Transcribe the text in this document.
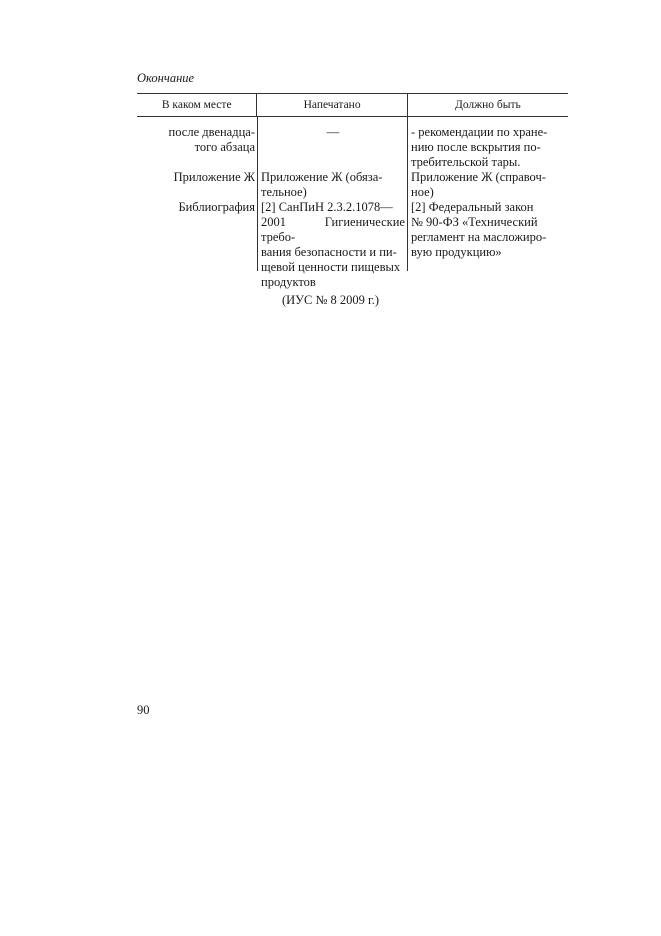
Окончание
В каком месте	Напечатано	Должно быть
после двенадца-
того абзаца
Приложение Ж
Библиография
—
Приложение Ж (обяза-
тельное)
[2] СанПиН 2.3.2.1078—
2001 Гигиенические требо-
вания безопасности и пи-
щевой ценности пищевых
продуктов
- рекомендации по хране-
нию после вскрытия по-
требительской тары.
Приложение Ж (справоч-
ное)
[2] Федеральный закон
№ 90-ФЗ «Технический
регламент на масложиро-
вую продукцию»
(ИУС № 8 2009 г.)
90
